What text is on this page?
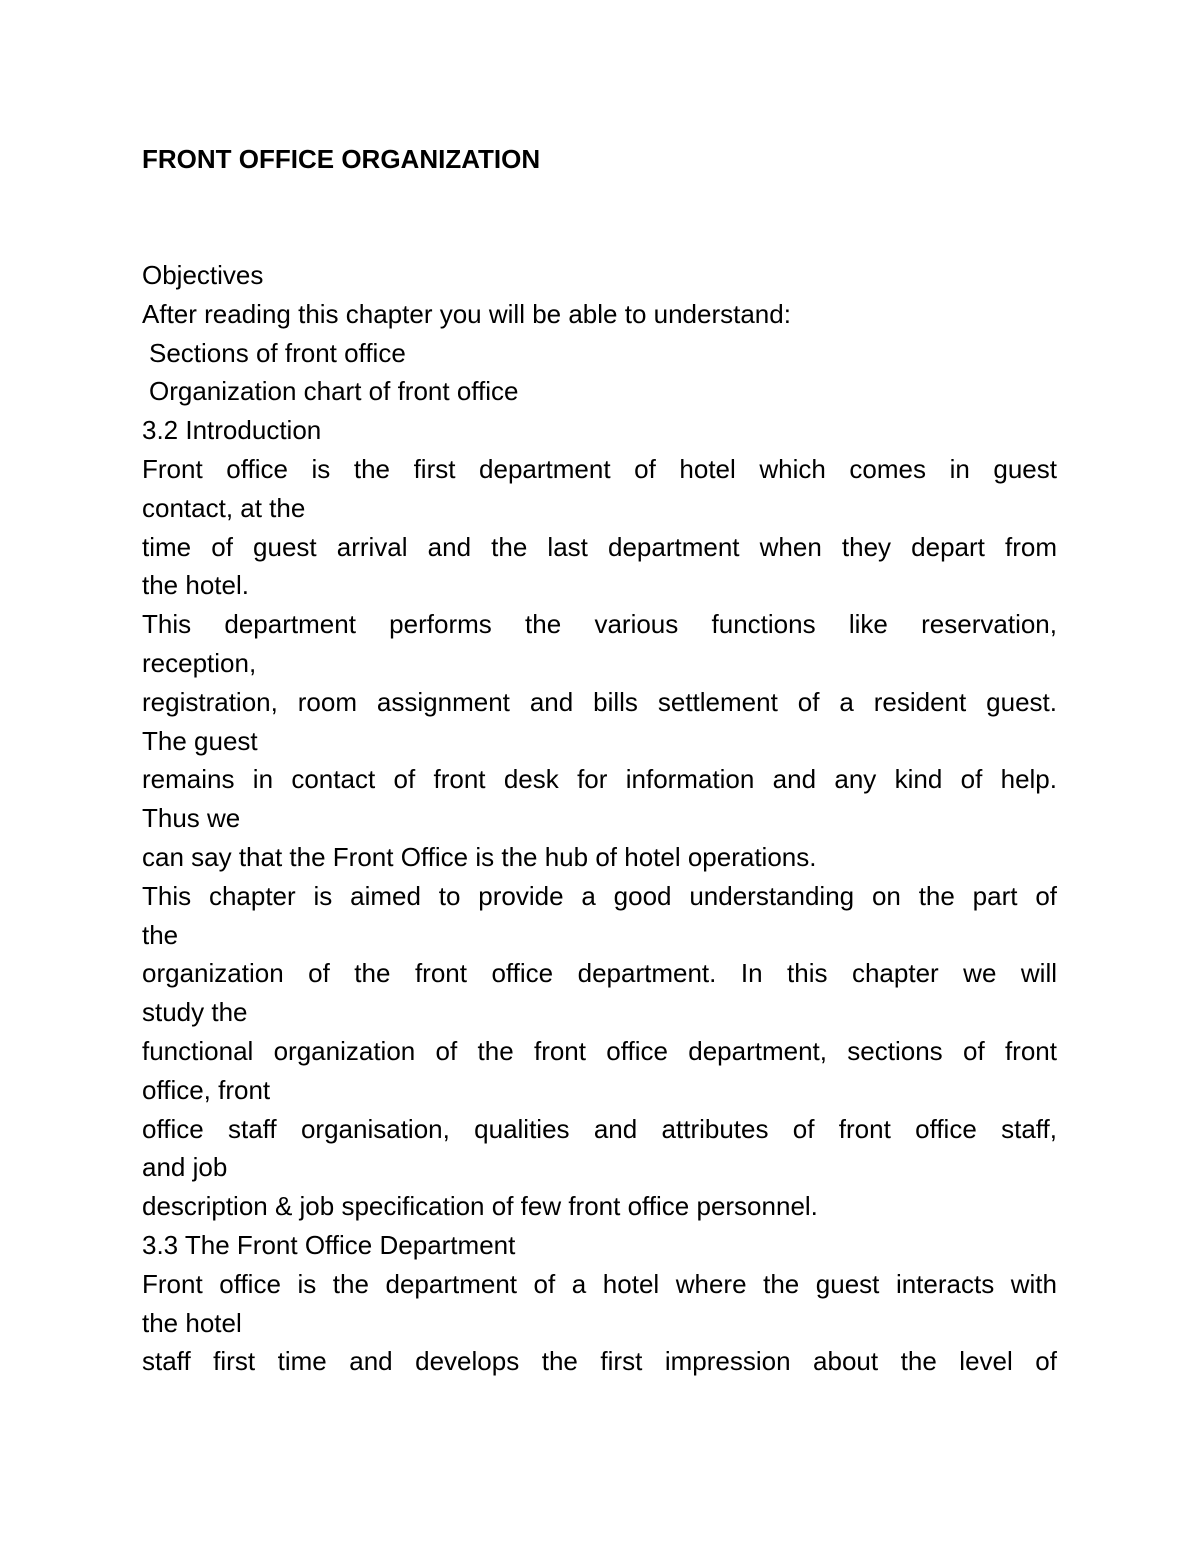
FRONT OFFICE ORGANIZATION
Objectives
After reading this chapter you will be able to understand:
Sections of front office
Organization chart of front office
3.2 Introduction
Front office is the first department of hotel which comes in guest
contact, at the
time of guest arrival and the last department when they depart from
the hotel.
This department performs the various functions like reservation,
reception,
registration, room assignment and bills settlement of a resident guest.
The guest
remains in contact of front desk for information and any kind of help.
Thus we
can say that the Front Office is the hub of hotel operations.
This chapter is aimed to provide a good understanding on the part of
the
organization of the front office department. In this chapter we will
study the
functional organization of the front office department, sections of front
office, front
office staff organisation, qualities and attributes of front office staff,
and job
description & job specification of few front office personnel.
3.3 The Front Office Department
Front office is the department of a hotel where the guest interacts with
the hotel
staff first time and develops the first impression about the level of
